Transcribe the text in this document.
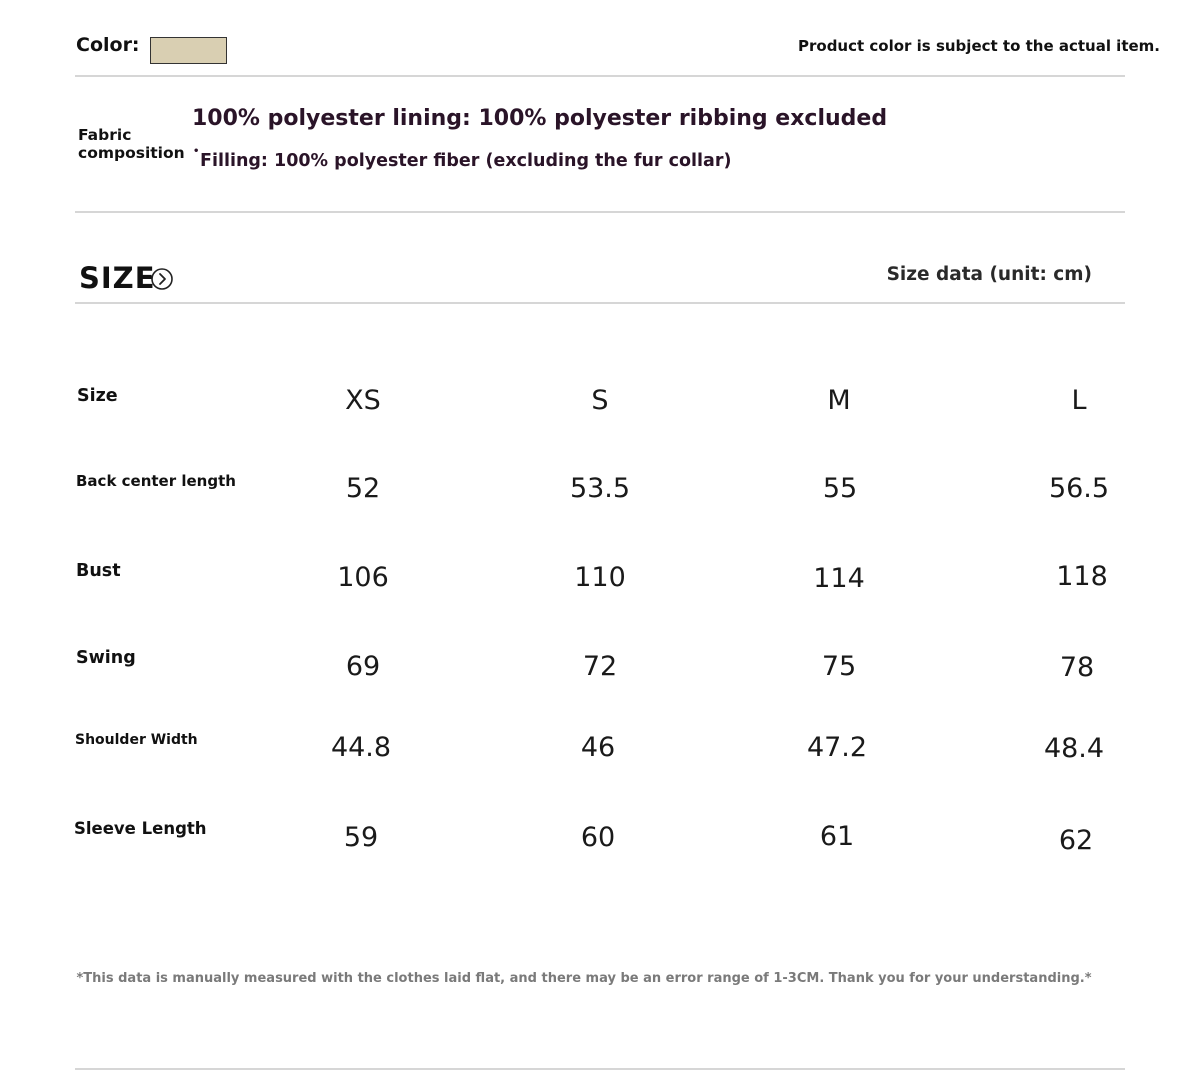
Color:	Product color is subject to the actual item.
Fabric composition
100% polyester lining: 100% polyester ribbing excluded
• Filling: 100% polyester fiber (excluding the fur collar)
SIZE	Size data (unit: cm)
Size	XS	S	M	L
Back center length	52	53.5	55	56.5
Bust	106	110	114	118
Swing	69	72	75	78
Shoulder Width	44.8	46	47.2	48.4
Sleeve Length	59	60	61	62
*This data is manually measured with the clothes laid flat, and there may be an error range of 1-3CM. Thank you for your understanding.*
